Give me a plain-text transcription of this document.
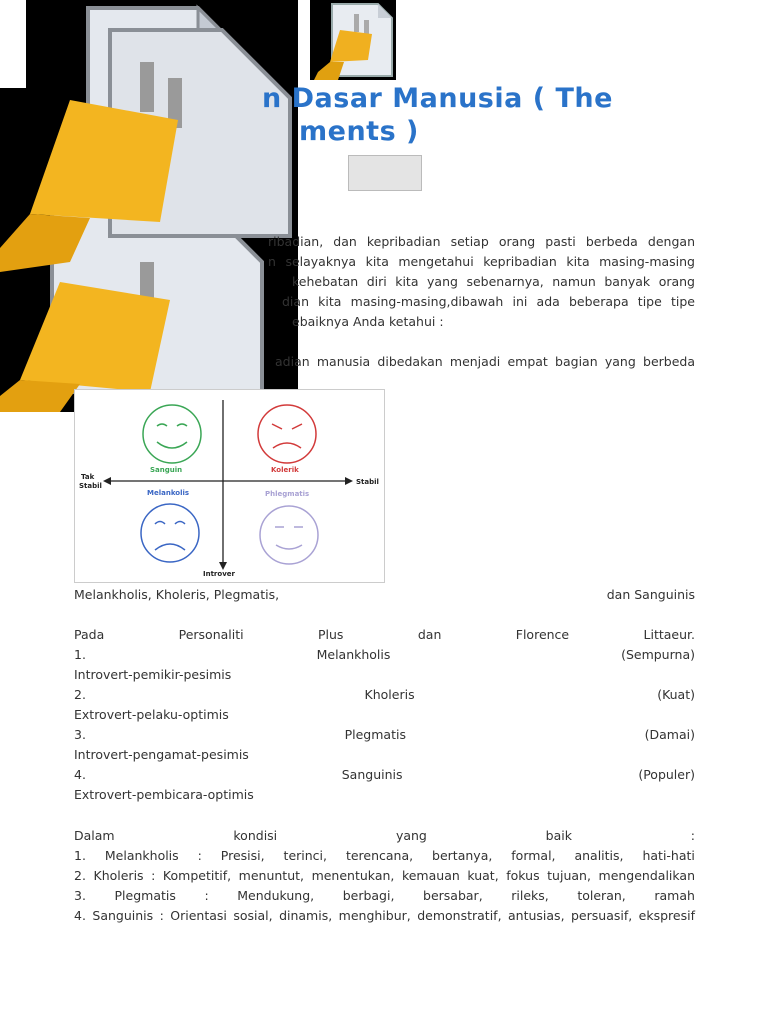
n Dasar Manusia ( The
ments )
ribadian, dan kepribadian setiap orang pasti berbeda dengan
n selayaknya kita mengetahui kepribadian kita masing-masing
kehebatan diri kita yang sebenarnya, namun banyak orang
dian kita masing-masing,dibawah ini ada beberapa tipe tipe
ebaiknya Anda ketahui :
adian manusia dibedakan menjadi empat bagian yang berbeda
Tak
Stabil	Stabil
Introver
Sanguin	Kolerik
Melankolis	Phlegmatis
Melankholis, Kholeris, Plegmatis,	dan Sanguinis
Pada	Personaliti	Plus	dan	Florence	Littaeur.
1.	Melankholis	(Sempurna)
Introvert-pemikir-pesimis
2.	Kholeris	(Kuat)
Extrovert-pelaku-optimis
3.	Plegmatis	(Damai)
Introvert-pengamat-pesimis
4.	Sanguinis	(Populer)
Extrovert-pembicara-optimis
Dalam	kondisi	yang	baik	:
1. Melankholis : Presisi, terinci, terencana, bertanya, formal, analitis, hati-hati
2. Kholeris : Kompetitif, menuntut, menentukan, kemauan kuat, fokus tujuan, mengendalikan
3. Plegmatis : Mendukung, berbagi, bersabar, rileks, toleran, ramah
4. Sanguinis : Orientasi sosial, dinamis, menghibur, demonstratif, antusias, persuasif, ekspresif
